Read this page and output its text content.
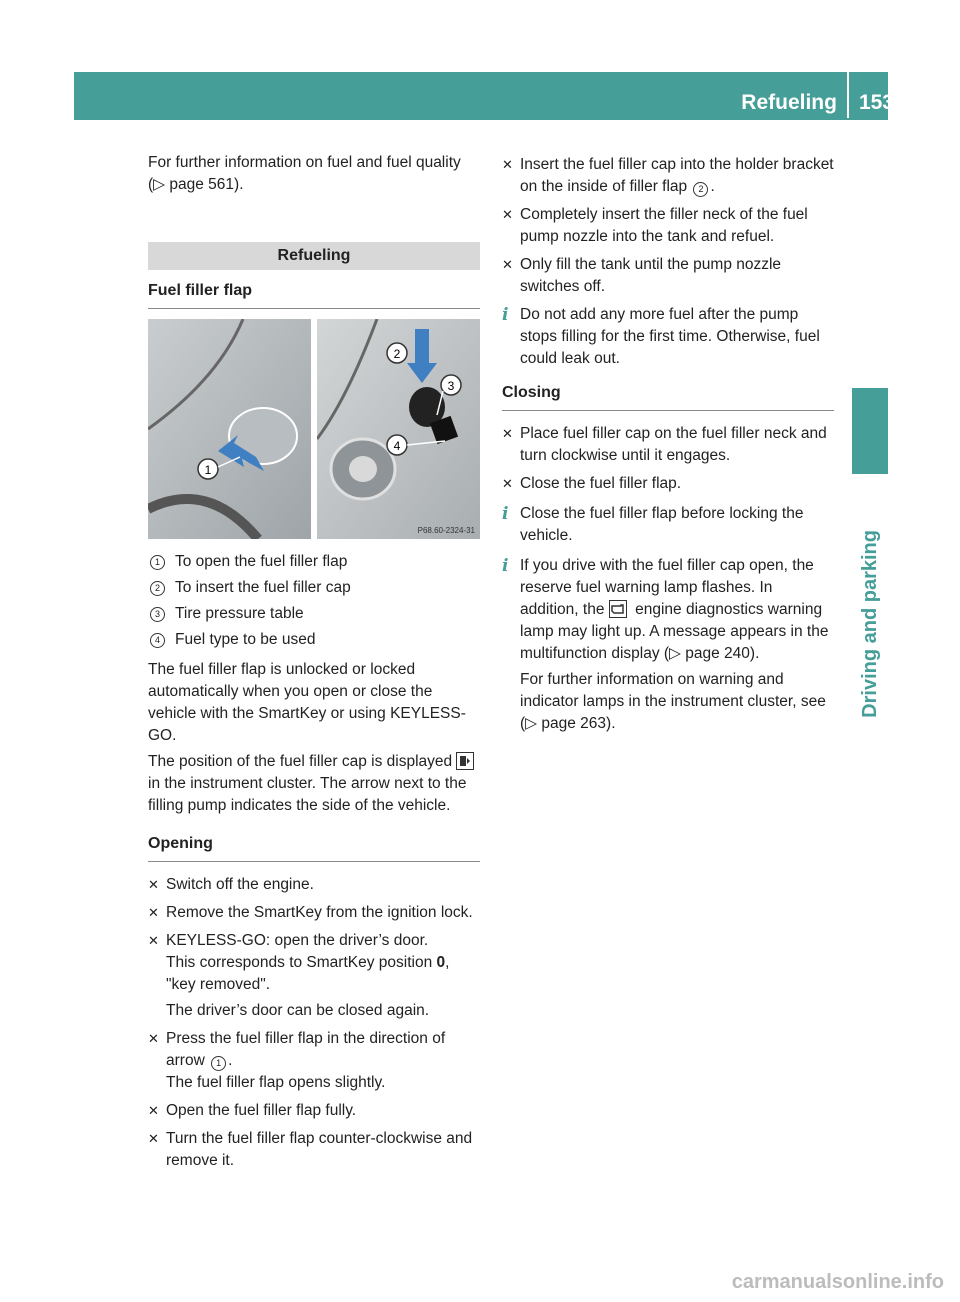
Refueling 153
Driving and parking

For further information on fuel and fuel quality (▷ page 561).

Refueling
Fuel filler flap
1
2
3
4
P68.60-2324-31
1 To open the fuel filler flap
2 To insert the fuel filler cap
3 Tire pressure table
4 Fuel type to be used

The fuel filler flap is unlocked or locked automatically when you open or close the vehicle with the SmartKey or using KEYLESS-GO.

The position of the fuel filler cap is displayed  in the instrument cluster. The arrow next to the filling pump indicates the side of the vehicle.

Opening
✕
Switch off the engine.
✕
Remove the SmartKey from the ignition lock.
✕
KEYLESS-GO: open the driver’s door.
This corresponds to SmartKey position 0,
"key removed".

The driver’s door can be closed again.

✕
Press the fuel filler flap in the direction of arrow 1 .
The fuel filler flap opens slightly.
✕
Open the fuel filler flap fully.
✕
Turn the fuel filler flap counter-clockwise and remove it.
✕
Insert the fuel filler cap into the holder bracket on the inside of filler flap 2 .
✕
Completely insert the filler neck of the fuel pump nozzle into the tank and refuel.
✕
Only fill the tank until the pump nozzle switches off.
i Do not add any more fuel after the pump stops filling for the first time. Otherwise, fuel could leak out.
Closing
✕
Place fuel filler cap on the fuel filler neck and turn clockwise until it engages.
✕
Close the fuel filler flap.
i Close the fuel filler flap before locking the vehicle.
i If you drive with the fuel filler cap open, the reserve fuel warning lamp flashes. In addition, the engine diagnostics warning lamp may light up. A message appears in the multifunction display (▷ page 240).
For further information on warning and indicator lamps in the instrument cluster, see (▷ page 263).
carmanualsonline.info
